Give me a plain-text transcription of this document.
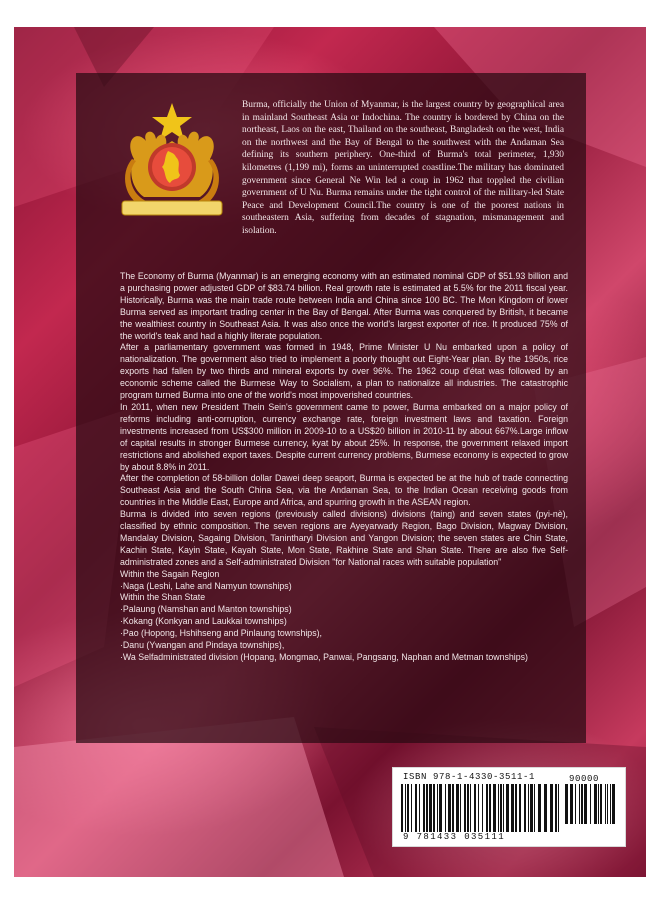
Burma, officially the Union of Myanmar, is the largest country by geographical area in mainland Southeast Asia or Indochina. The country is bordered by China on the northeast, Laos on the east, Thailand on the southeast, Bangladesh on the west, India on the northwest and the Bay of Bengal to the southwest with the Andaman Sea defining its southern periphery. One-third of Burma's total perimeter, 1,930 kilometres (1,199 mi), forms an uninterrupted coastline.The military has dominated government since General Ne Win led a coup in 1962 that toppled the civilian government of U Nu. Burma remains under the tight control of the military-led State Peace and Development Council.The country is one of the poorest nations in southeastern Asia, suffering from decades of stagnation, mismanagement and isolation.

The Economy of Burma (Myanmar) is an emerging economy with an estimated nominal GDP of $51.93 billion and a purchasing power adjusted GDP of $83.74 billion. Real growth rate is estimated at 5.5% for the 2011 fiscal year. Historically, Burma was the main trade route between India and China since 100 BC. The Mon Kingdom of lower Burma served as important trading center in the Bay of Bengal. After Burma was conquered by British, it became the wealthiest country in Southeast Asia. It was also once the world's largest exporter of rice. It produced 75% of the world's teak and had a highly literate population.

After a parliamentary government was formed in 1948, Prime Minister U Nu embarked upon a policy of nationalization. The government also tried to implement a poorly thought out Eight-Year plan. By the 1950s, rice exports had fallen by two thirds and mineral exports by over 96%. The 1962 coup d'état was followed by an economic scheme called the Burmese Way to Socialism, a plan to nationalize all industries. The catastrophic program turned Burma into one of the world's most impoverished countries.

In 2011, when new President Thein Sein's government came to power, Burma embarked on a major policy of reforms including anti-corruption, currency exchange rate, foreign investment laws and taxation. Foreign investments increased from US$300 million in 2009-10 to a US$20 billion in 2010-11 by about 667%.Large inflow of capital results in stronger Burmese currency, kyat by about 25%. In response, the government relaxed import restrictions and abolished export taxes. Despite current currency problems, Burmese economy is expected to grow by about 8.8% in 2011.

After the completion of 58-billion dollar Dawei deep seaport, Burma is expected be at the hub of trade connecting Southeast Asia and the South China Sea, via the Andaman Sea, to the Indian Ocean receiving goods from countries in the Middle East, Europe and Africa, and spurring growth in the ASEAN region.

Burma is divided into seven regions (previously called divisions) divisions (taing) and seven states (pyi-nè), classified by ethnic composition. The seven regions are Ayeyarwady Region, Bago Division, Magway Division, Mandalay Division, Sagaing Division, Tanintharyi Division and Yangon Division; the seven states are Chin State, Kachin State, Kayin State, Kayah State, Mon State, Rakhine State and Shan State. There are also five Self-administrated zones and a Self-administrated Division "for National races with suitable population"

Within the Sagain Region

·Naga (Leshi, Lahe and Namyun townships)

Within the Shan State

·Palaung (Namshan and Manton townships)

·Kokang (Konkyan and Laukkai townships)

·Pao (Hopong, Hshihseng and Pinlaung townships),

·Danu (Ywangan and Pindaya townships),

·Wa Selfadministrated division (Hopang, Mongmao, Panwai, Pangsang, Naphan and Metman townships)

ISBN 978-1-4330-3511-1	90000
9 781433 035111
